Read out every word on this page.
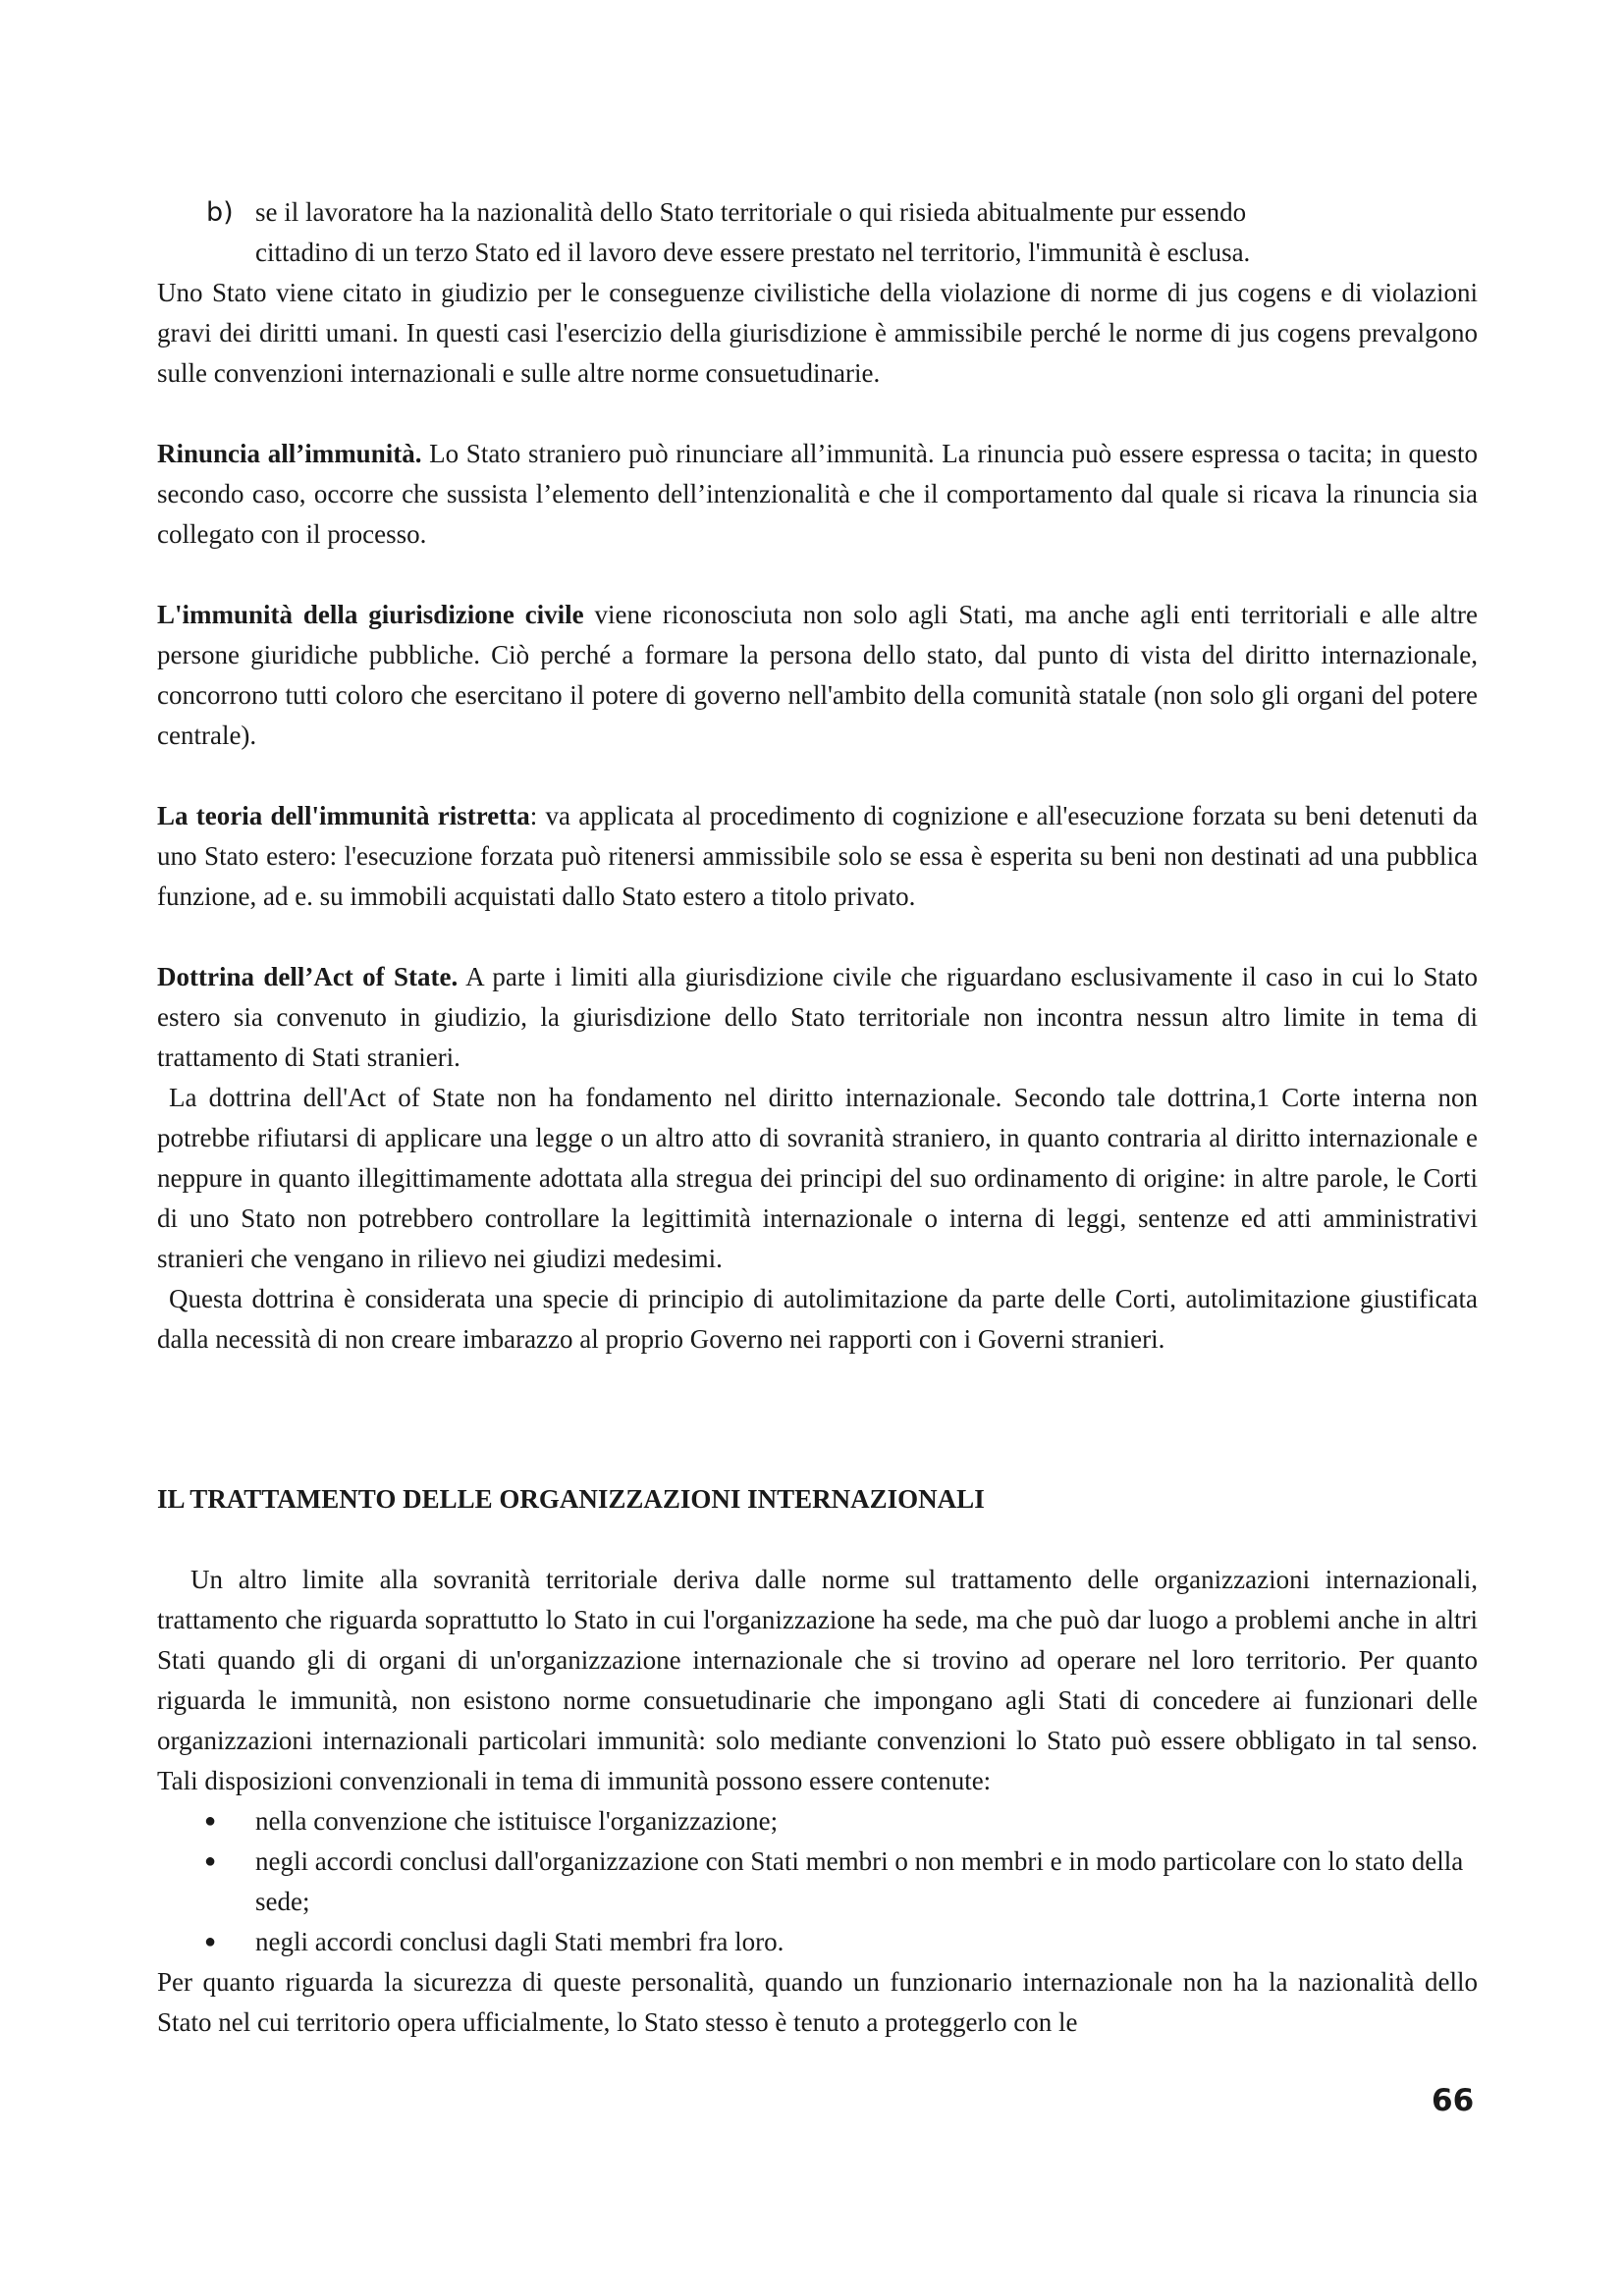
b) se il lavoratore ha la nazionalità dello Stato territoriale o qui risieda abitualmente pur essendo
cittadino di un terzo Stato ed il lavoro deve essere prestato nel territorio, l'immunità è esclusa.

Uno Stato viene citato in giudizio per le conseguenze civilistiche della violazione di norme di jus cogens e di violazioni gravi dei diritti umani. In questi casi l'esercizio della giurisdizione è ammissibile perché le norme di jus cogens prevalgono sulle convenzioni internazionali e sulle altre norme consuetudinarie.

Rinuncia all’immunità. Lo Stato straniero può rinunciare all’immunità. La rinuncia può essere espressa o tacita; in questo secondo caso, occorre che sussista l’elemento dell’intenzionalità e che il comportamento dal quale si ricava la rinuncia sia collegato con il processo.

L'immunità della giurisdizione civile viene riconosciuta non solo agli Stati, ma anche agli enti territoriali e alle altre persone giuridiche pubbliche. Ciò perché a formare la persona dello stato, dal punto di vista del diritto internazionale, concorrono tutti coloro che esercitano il potere di governo nell'ambito della comunità statale (non solo gli organi del potere centrale).

La teoria dell'immunità ristretta: va applicata al procedimento di cognizione e all'esecuzione forzata su beni detenuti da uno Stato estero: l'esecuzione forzata può ritenersi ammissibile solo se essa è esperita su beni non destinati ad una pubblica funzione, ad e. su immobili acquistati dallo Stato estero a titolo privato.

Dottrina dell’Act of State. A parte i limiti alla giurisdizione civile che riguardano esclusivamente il caso in cui lo Stato estero sia convenuto in giudizio, la giurisdizione dello Stato territoriale non incontra nessun altro limite in tema di trattamento di Stati stranieri.

La dottrina dell'Act of State non ha fondamento nel diritto internazionale. Secondo tale dottrina,1 Corte interna non potrebbe rifiutarsi di applicare una legge o un altro atto di sovranità straniero, in quanto contraria al diritto internazionale e neppure in quanto illegittimamente adottata alla stregua dei principi del suo ordinamento di origine: in altre parole, le Corti di uno Stato non potrebbero controllare la legittimità internazionale o interna di leggi, sentenze ed atti amministrativi stranieri che vengano in rilievo nei giudizi medesimi.

Questa dottrina è considerata una specie di principio di autolimitazione da parte delle Corti, autolimitazione giustificata dalla necessità di non creare imbarazzo al proprio Governo nei rapporti con i Governi stranieri.

IL TRATTAMENTO DELLE ORGANIZZAZIONI INTERNAZIONALI

Un altro limite alla sovranità territoriale deriva dalle norme sul trattamento delle organizzazioni internazionali, trattamento che riguarda soprattutto lo Stato in cui l'organizzazione ha sede, ma che può dar luogo a problemi anche in altri Stati quando gli di organi di un'organizzazione internazionale che si trovino ad operare nel loro territorio. Per quanto riguarda le immunità, non esistono norme consuetudinarie che impongano agli Stati di concedere ai funzionari delle organizzazioni internazionali particolari immunità: solo mediante convenzioni lo Stato può essere obbligato in tal senso. Tali disposizioni convenzionali in tema di immunità possono essere contenute:

●	nella convenzione che istituisce l'organizzazione;
●	negli accordi conclusi dall'organizzazione con Stati membri o non membri e in modo particolare con lo stato della sede;
●	negli accordi conclusi dagli Stati membri fra loro.

Per quanto riguarda la sicurezza di queste personalità, quando un funzionario internazionale non ha la nazionalità dello Stato nel cui territorio opera ufficialmente, lo Stato stesso è tenuto a proteggerlo con le

66
